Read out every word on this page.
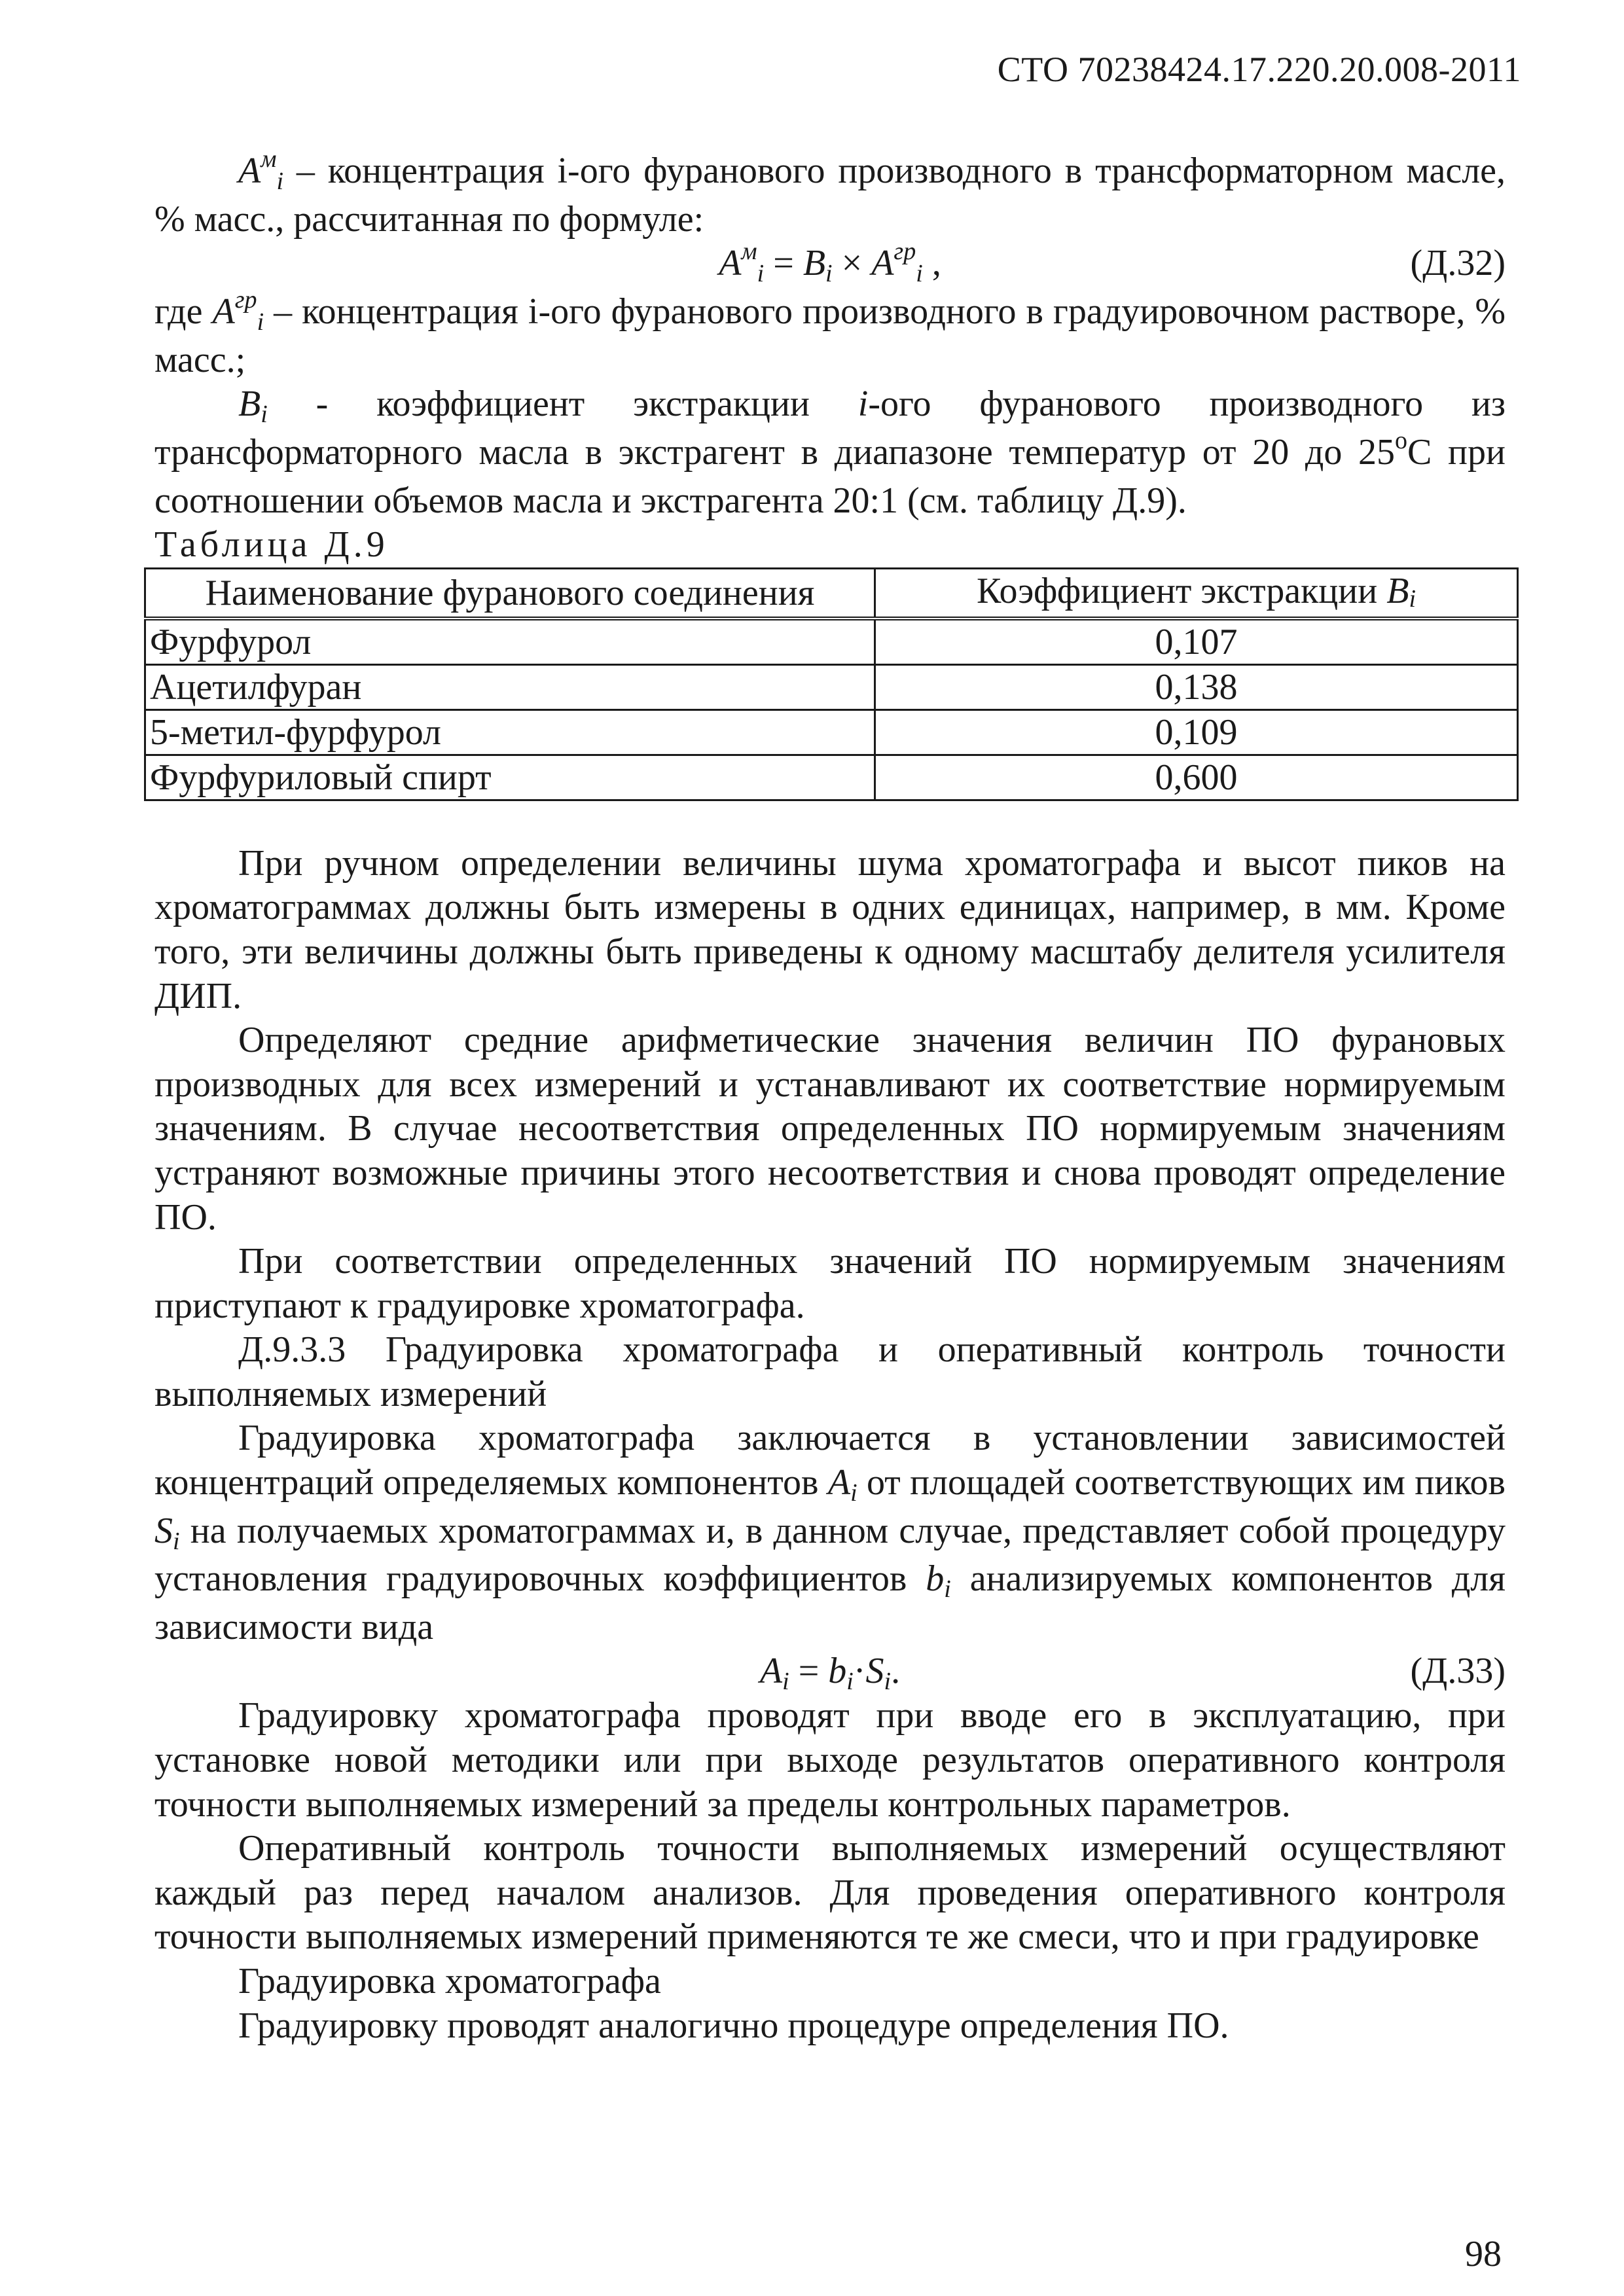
СТО 70238424.17.220.20.008-2011

$A^мi$ – концентрация i-ого фуранового производного в трансформаторном масле, % масс., рассчитанная по формуле:

$A^мi = Bi \times A^{гр}i$ ,	(Д.32)

где $A^{гр}i$ – концентрация i-ого фуранового производного в градуировочном растворе, % масс.;

Bi - коэффициент экстракции i-ого фуранового производного из трансформаторного масла в экстрагент в диапазоне температур от 20 до $25^оС$ при соотношении объемов масла и экстрагента 20:1 (см. таблицу Д.9).

Таблица Д.9

Наименование фуранового соединения	Коэффициент экстракции Bi
Фурфурол	0,107
Ацетилфуран	0,138
5-метил-фурфурол	0,109
Фурфуриловый спирт	0,600

При ручном определении величины шума хроматографа и высот пиков на хроматограммах должны быть измерены в одних единицах, например, в мм. Кроме того, эти величины должны быть приведены к одному масштабу делителя усилителя ДИП.

Определяют средние арифметические значения величин ПО фурановых производных для всех измерений и устанавливают их соответствие нормируемым значениям. В случае несоответствия определенных ПО нормируемым значениям устраняют возможные причины этого несоответствия и снова проводят определение ПО.

При соответствии определенных значений ПО нормируемым значениям приступают к градуировке хроматографа.

Д.9.3.3 Градуировка хроматографа и оперативный контроль точности выполняемых измерений

Градуировка хроматографа заключается в установлении зависимостей концентраций определяемых компонентов Ai от площадей соответствующих им пиков Si на получаемых хроматограммах и, в данном случае, представляет собой процедуру установления градуировочных коэффициентов bi анализируемых компонентов для зависимости вида

Ai = bi·Si.	(Д.33)

Градуировку хроматографа проводят при вводе его в эксплуатацию, при установке новой методики или при выходе результатов оперативного контроля точности выполняемых измерений за пределы контрольных параметров.

Оперативный контроль точности выполняемых измерений осуществляют каждый раз перед началом анализов. Для проведения оперативного контроля точности выполняемых измерений применяются те же смеси, что и при градуировке

Градуировка хроматографа

Градуировку проводят аналогично процедуре определения ПО.

98
